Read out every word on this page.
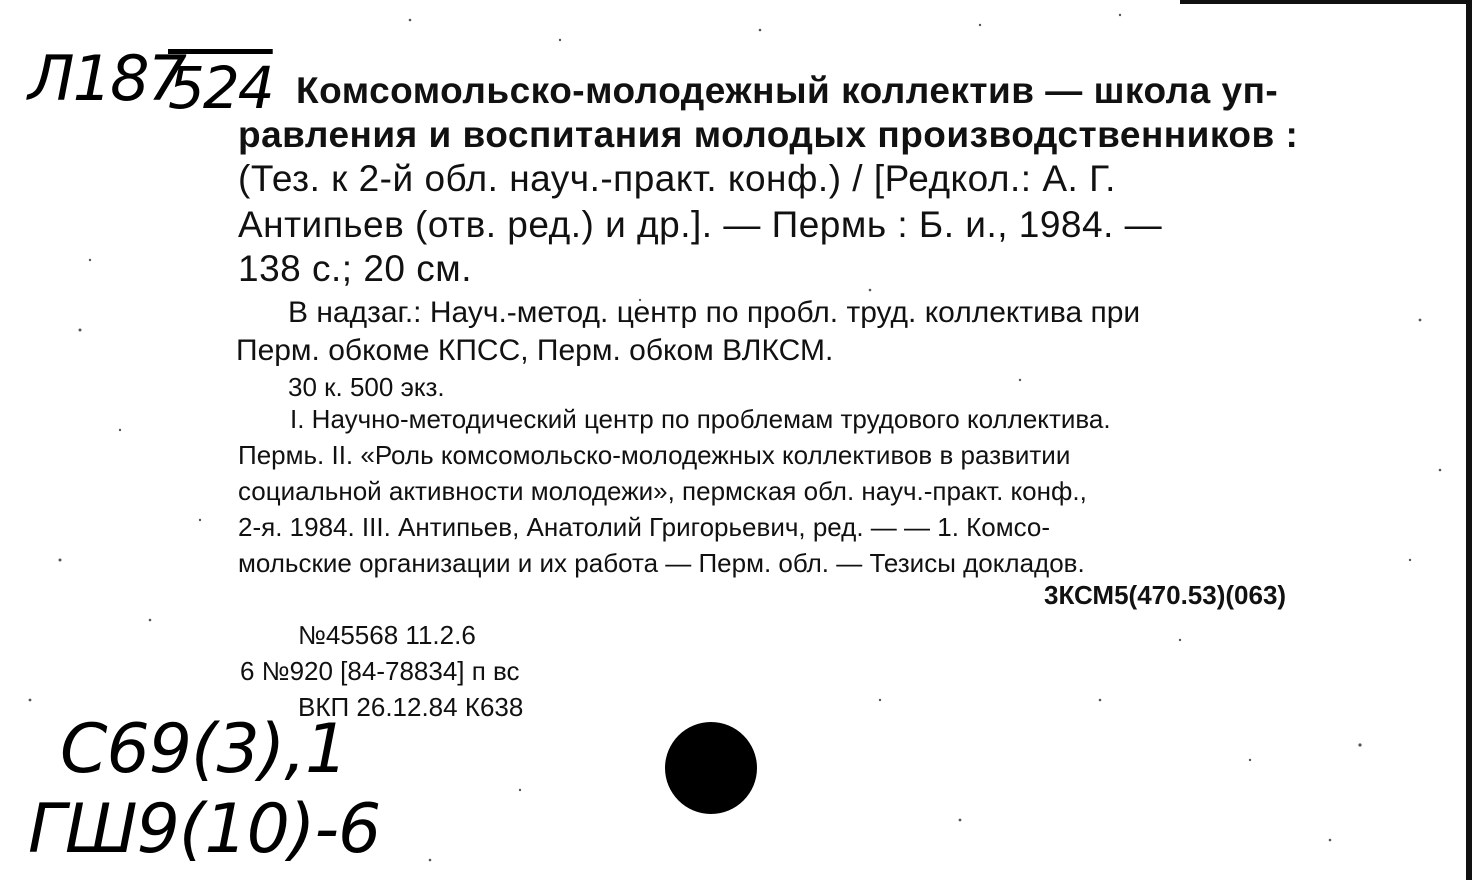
Л187
524
С69(3),1
ГШ9(10)-6
Комсомольско-молодежный коллектив — школа уп-
равления и воспитания молодых производственников :
(Тез. к 2-й обл. науч.-практ. конф.) / [Редкол.: А. Г.
Антипьев (отв. ред.) и др.]. — Пермь : Б. и., 1984. —
138 с.; 20 см.
В надзаг.: Науч.-метод. центр по пробл. труд. коллектива при
Перм. обкоме КПСС, Перм. обком ВЛКСМ.
30 к. 500 экз.
I. Научно-методический центр по проблемам трудового коллектива.
Пермь. II. «Роль комсомольско-молодежных коллективов в развитии
социальной активности молодежи», пермская обл. науч.-практ. конф.,
2-я. 1984. III. Антипьев, Анатолий Григорьевич, ред. — — 1. Комсо-
мольские организации и их работа — Перм. обл. — Тезисы докладов.
3КСМ5(470.53)(063)
№45568 11.2.6
6 №920 [84-78834] п вс
ВКП 26.12.84 К638
